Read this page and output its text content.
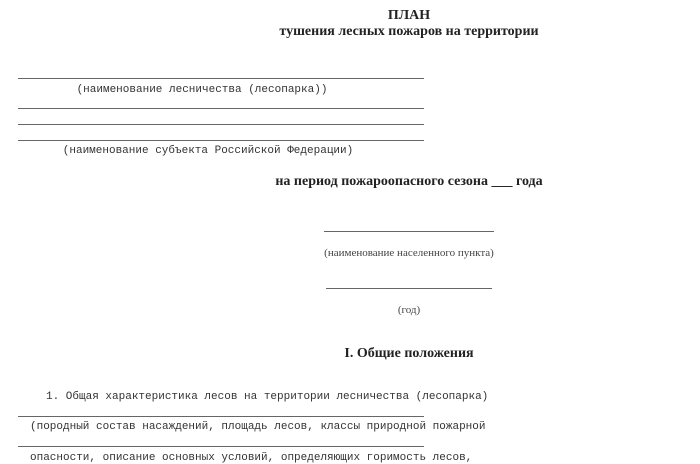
ПЛАН
тушения лесных пожаров на территории
(наименование лесничества (лесопарка))
(наименование субъекта Российской Федерации)
на период пожароопасного сезона ___ года
(наименование населенного пункта)
(год)
I. Общие положения
1. Общая характеристика лесов на территории лесничества (лесопарка)
(породный состав насаждений, площадь лесов, классы природной пожарной
опасности, описание основных условий, определяющих горимость лесов,
